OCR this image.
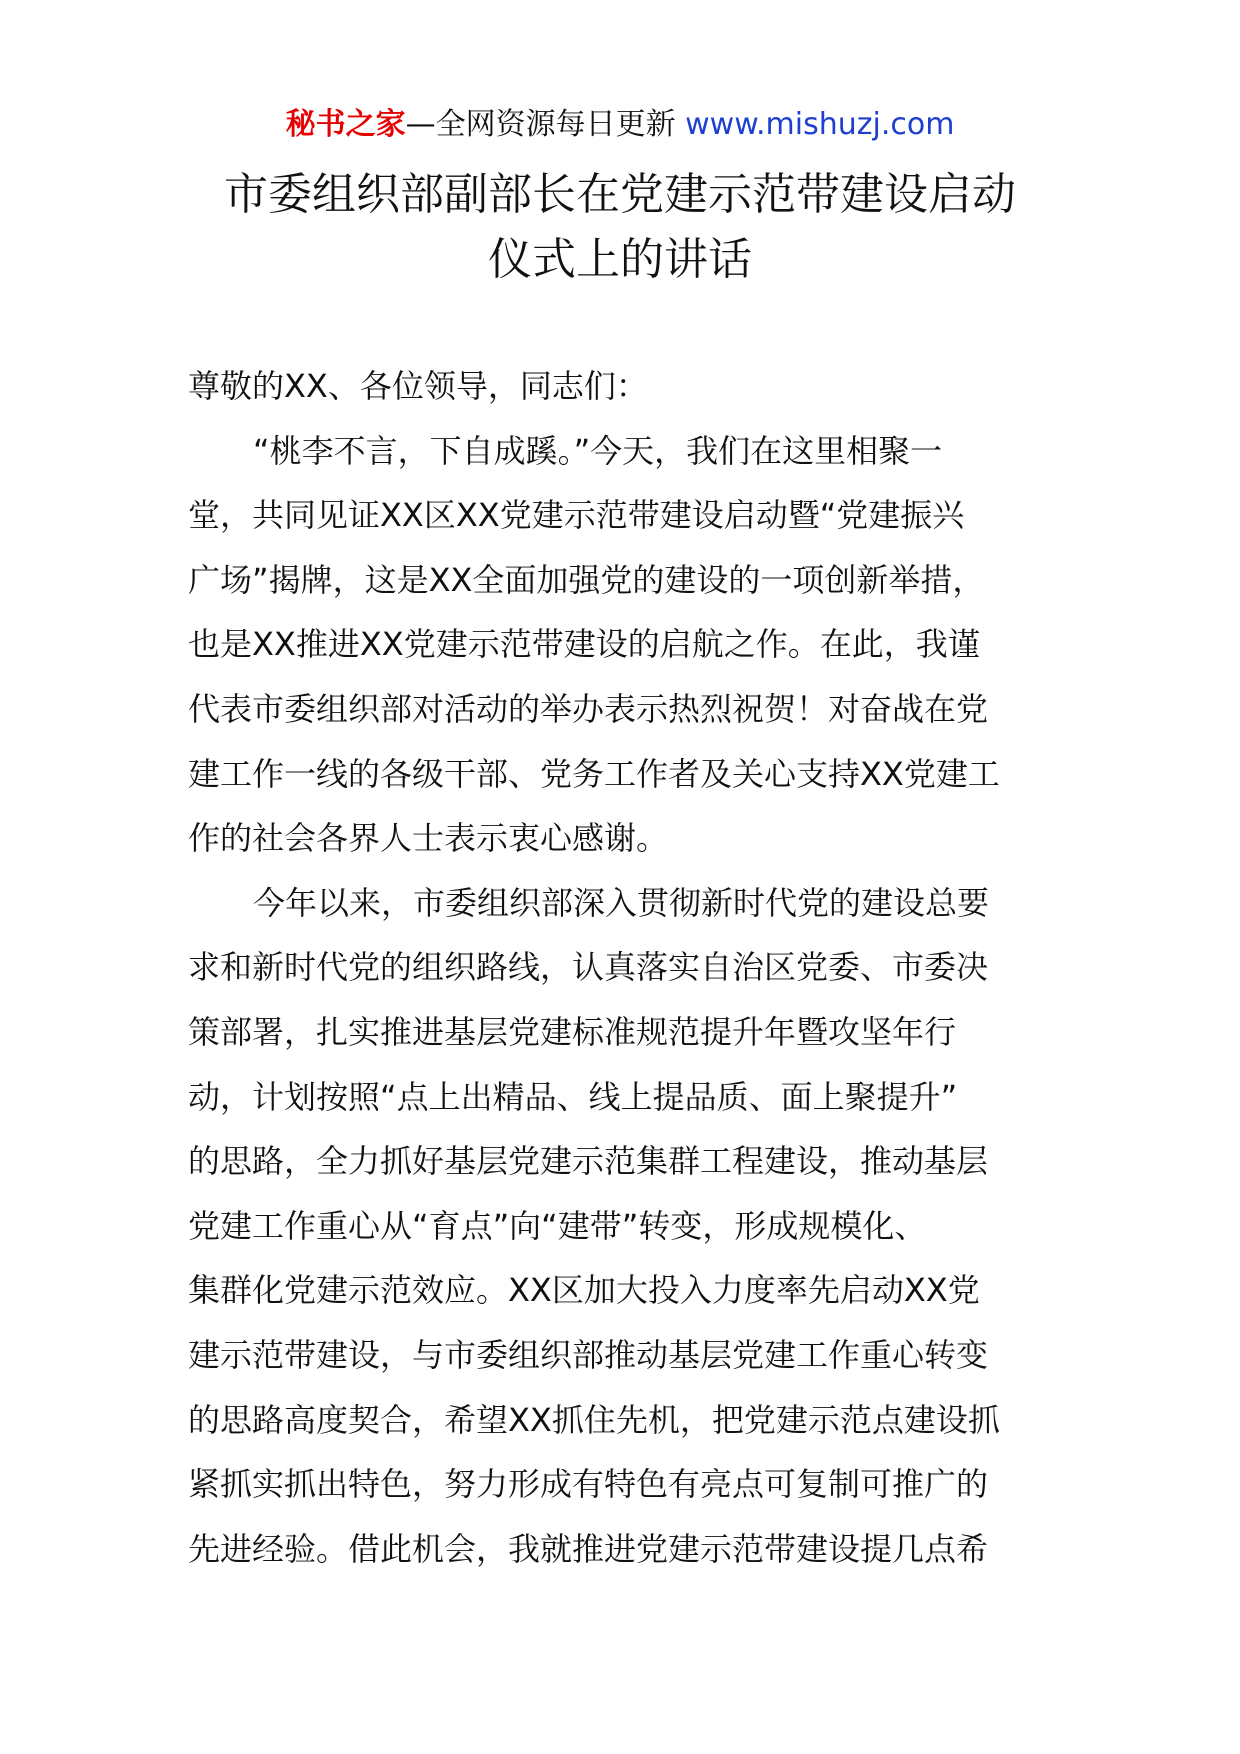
秘书之家—全网资源每日更新 www.mishuzj.com
市委组织部副部长在党建示范带建设启动
仪式上的讲话
尊敬的XX、各位领导，同志们：
“桃李不言，下自成蹊。”今天，我们在这里相聚一
堂，共同见证XX区XX党建示范带建设启动暨“党建振兴
广场”揭牌，这是XX全面加强党的建设的一项创新举措，
也是XX推进XX党建示范带建设的启航之作。在此，我谨
代表市委组织部对活动的举办表示热烈祝贺！对奋战在党
建工作一线的各级干部、党务工作者及关心支持XX党建工
作的社会各界人士表示衷心感谢。
今年以来，市委组织部深入贯彻新时代党的建设总要
求和新时代党的组织路线，认真落实自治区党委、市委决
策部署，扎实推进基层党建标准规范提升年暨攻坚年行
动，计划按照“点上出精品、线上提品质、面上聚提升”
的思路，全力抓好基层党建示范集群工程建设，推动基层
党建工作重心从“育点”向“建带”转变，形成规模化、
集群化党建示范效应。XX区加大投入力度率先启动XX党
建示范带建设，与市委组织部推动基层党建工作重心转变
的思路高度契合，希望XX抓住先机，把党建示范点建设抓
紧抓实抓出特色，努力形成有特色有亮点可复制可推广的
先进经验。借此机会，我就推进党建示范带建设提几点希
